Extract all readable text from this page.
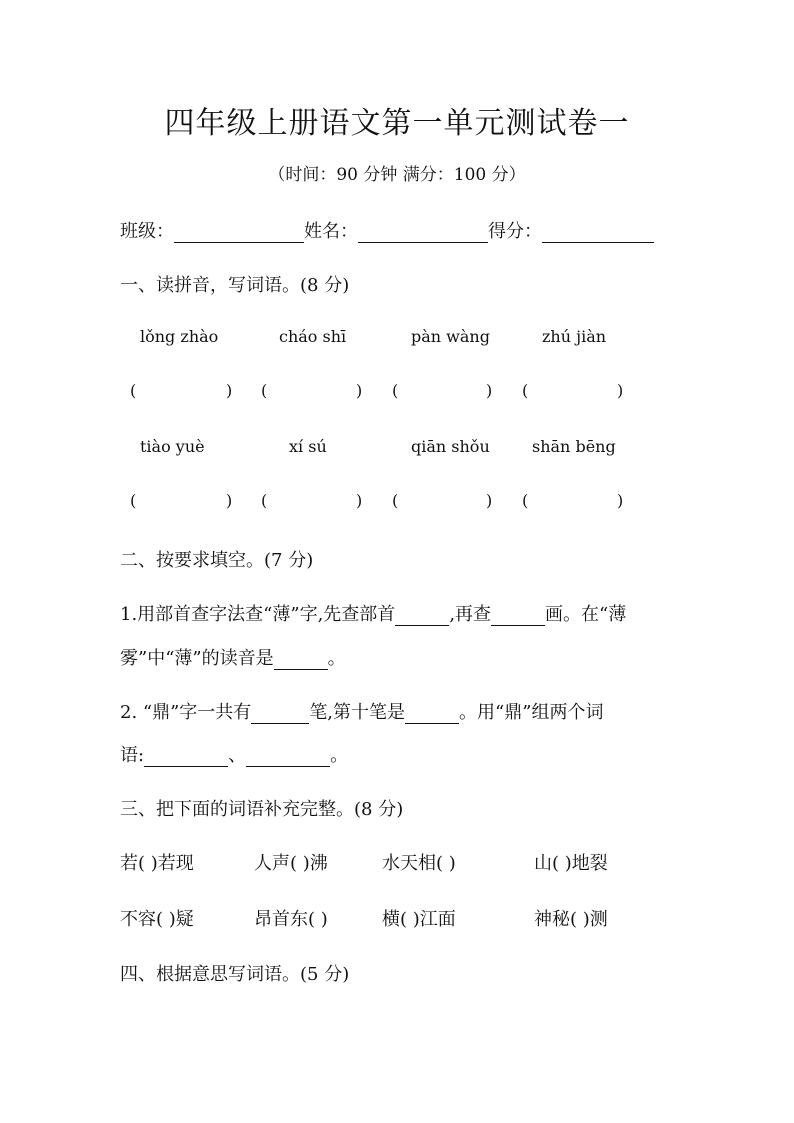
四年级上册语文第一单元测试卷一
（时间：90 分钟 满分：100 分）
班级：	姓名：	得分：
一、读拼音，写词语。(8 分)
lǒng zhào	cháo shī	pàn wàng	zhú jiàn
(	) (	) (	) (	)
tiào yuè	xí sú	qiān shǒu	shān bēng
(	) (	) (	) (	)
二、按要求填空。(7 分)
1.用部首查字法查“薄”字,先查部首	,再查	画。在“薄
雾”中“薄”的读音是	。
2. “鼎”字一共有	笔,第十笔是	。用“鼎”组两个词
语:	、	。
三、把下面的词语补充完整。(8 分)
若( )若现	人声( )沸	水天相( )	山( )地裂
不容( )疑	昂首东( )	横( )江面	神秘( )测
四、根据意思写词语。(5 分)
